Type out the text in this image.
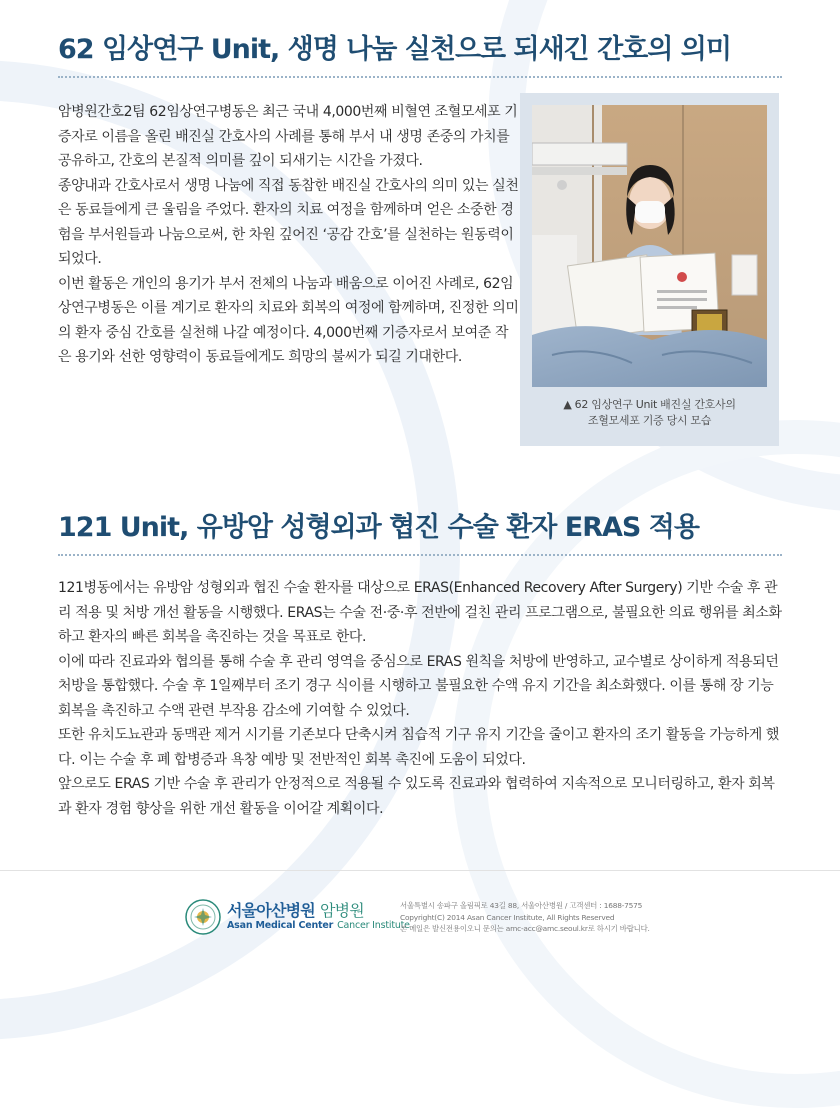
62 임상연구 Unit, 생명 나눔 실천으로 되새긴 간호의 의미

암병원간호2팀 62임상연구병동은 최근 국내 4,000번째 비혈연 조혈모세포 기증자로 이름을 올린 배진실 간호사의 사례를 통해 부서 내 생명 존중의 가치를 공유하고, 간호의 본질적 의미를 깊이 되새기는 시간을 가졌다.

종양내과 간호사로서 생명 나눔에 직접 동참한 배진실 간호사의 의미 있는 실천은 동료들에게 큰 울림을 주었다. 환자의 치료 여정을 함께하며 얻은 소중한 경험을 부서원들과 나눔으로써, 한 차원 깊어진 ‘공감 간호’를 실천하는 원동력이 되었다.

이번 활동은 개인의 용기가 부서 전체의 나눔과 배움으로 이어진 사례로, 62임상연구병동은 이를 계기로 환자의 치료와 회복의 여정에 함께하며, 진정한 의미의 환자 중심 간호를 실천해 나갈 예정이다. 4,000번째 기증자로서 보여준 작은 용기와 선한 영향력이 동료들에게도 희망의 불씨가 되길 기대한다.

▲ 62 임상연구 Unit 배진실 간호사의
조혈모세포 기증 당시 모습
121 Unit, 유방암 성형외과 협진 수술 환자 ERAS 적용

121병동에서는 유방암 성형외과 협진 수술 환자를 대상으로 ERAS(Enhanced Recovery After Surgery) 기반 수술 후 관리 적용 및 처방 개선 활동을 시행했다. ERAS는 수술 전·중·후 전반에 걸친 관리 프로그램으로, 불필요한 의료 행위를 최소화하고 환자의 빠른 회복을 촉진하는 것을 목표로 한다.

이에 따라 진료과와 협의를 통해 수술 후 관리 영역을 중심으로 ERAS 원칙을 처방에 반영하고, 교수별로 상이하게 적용되던 처방을 통합했다. 수술 후 1일째부터 조기 경구 식이를 시행하고 불필요한 수액 유지 기간을 최소화했다. 이를 통해 장 기능 회복을 촉진하고 수액 관련 부작용 감소에 기여할 수 있었다.

또한 유치도뇨관과 동맥관 제거 시기를 기존보다 단축시켜 침습적 기구 유지 기간을 줄이고 환자의 조기 활동을 가능하게 했다. 이는 수술 후 폐 합병증과 욕창 예방 및 전반적인 회복 촉진에 도움이 되었다.

앞으로도 ERAS 기반 수술 후 관리가 안정적으로 적용될 수 있도록 진료과와 협력하여 지속적으로 모니터링하고, 환자 회복과 환자 경험 향상을 위한 개선 활동을 이어갈 계획이다.

서울아산병원 암병원
Asan Medical Center Cancer Institute
서울특별시 송파구 올림픽로 43길 88, 서울아산병원 / 고객센터 : 1688-7575
Copyright(C) 2014 Asan Cancer Institute, All Rights Reserved
본 메일은 발신전용이오니 문의는 amc-acc@amc.seoul.kr로 하시기 바랍니다.
